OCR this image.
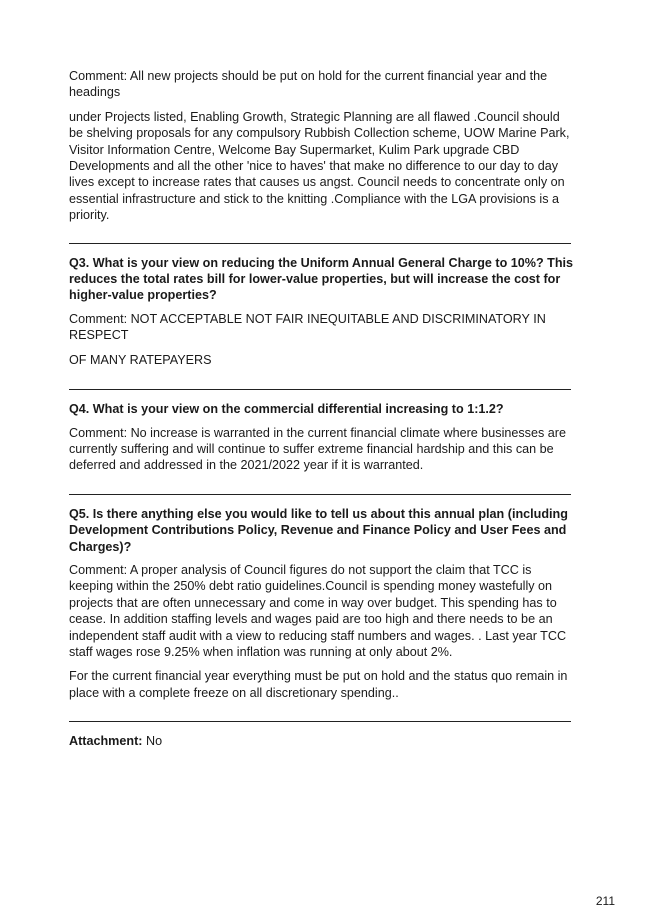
Comment: All new projects should be put on hold for the current financial year and the headings

under Projects listed, Enabling Growth, Strategic Planning are all flawed .Council should be shelving proposals for any compulsory Rubbish Collection scheme, UOW Marine Park, Visitor Information Centre, Welcome Bay Supermarket, Kulim Park upgrade CBD Developments and all the other 'nice to haves' that make no difference to our day to day lives except to increase rates that causes us angst. Council needs to concentrate only on essential infrastructure and stick to the knitting .Compliance with the LGA provisions is a priority.

Q3. What is your view on reducing the Uniform Annual General Charge to 10%? This reduces the total rates bill for lower-value properties, but will increase the cost for higher-value properties?

Comment: NOT ACCEPTABLE NOT FAIR INEQUITABLE AND DISCRIMINATORY IN RESPECT

OF MANY RATEPAYERS

Q4. What is your view on the commercial differential increasing to 1:1.2?

Comment: No increase is warranted in the current financial climate where businesses are currently suffering and will continue to suffer extreme financial hardship and this can be deferred and addressed in the 2021/2022 year if it is warranted.

Q5. Is there anything else you would like to tell us about this annual plan (including Development Contributions Policy, Revenue and Finance Policy and User Fees and Charges)?

Comment: A proper analysis of Council figures do not support the claim that TCC is keeping within the 250% debt ratio guidelines.Council is spending money wastefully on projects that are often unnecessary and come in way over budget. This spending has to cease. In addition staffing levels and wages paid are too high and there needs to be an independent staff audit with a view to reducing staff numbers and wages. . Last year TCC staff wages rose 9.25% when inflation was running at only about 2%.

For the current financial year everything must be put on hold and the status quo remain in place with a complete freeze on all discretionary spending..

Attachment: No

211
